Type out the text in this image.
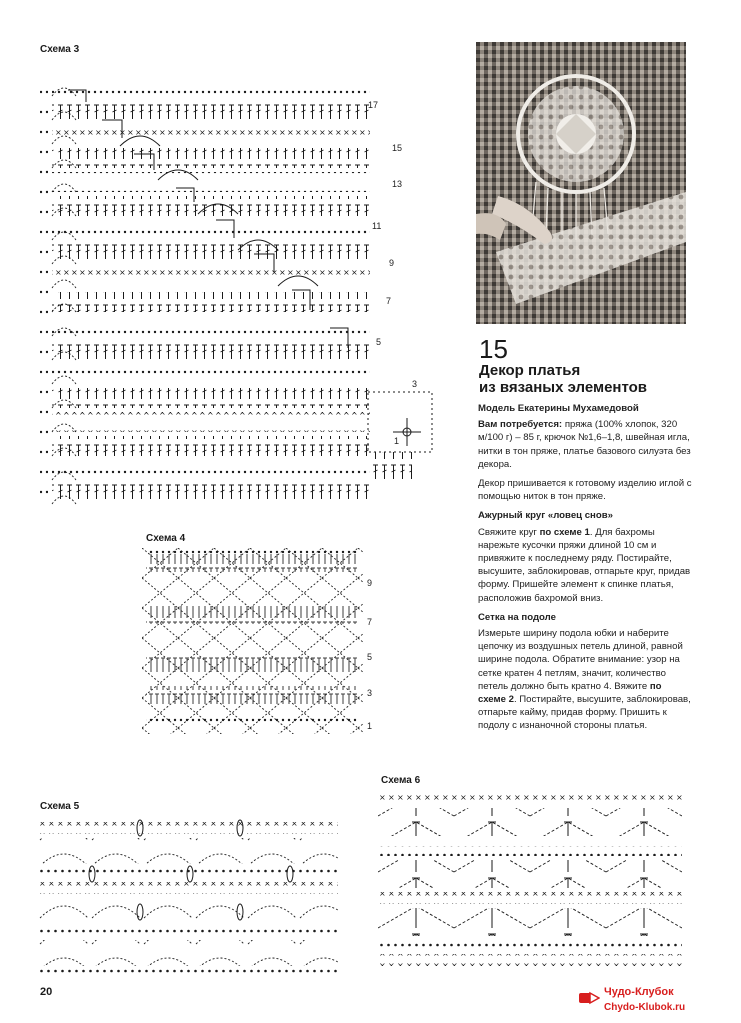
Схема 3
17
15
13
11
9
7
5
3
1
15
Декор платья
из вязаных элементов

Модель Екатерины Мухамедовой

Вам потребуется: пряжа (100% хлопок, 320 м/100 г) – 85 г, крючок №1,6–1,8, швейная игла, нитки в тон пряже, платье базового силуэта без декора.

Декор пришивается к готовому изделию иглой с помощью ниток в тон пряже.

Ажурный круг «ловец снов»

Свяжите круг по схеме 1. Для бахромы нарежьте кусочки пряжи длиной 10 см и привяжите к последнему ряду. Постирайте, высушите, заблокировав, отпарьте круг, придав форму. Пришейте элемент к спинке платья, расположив бахромой вниз.

Сетка на подоле

Измерьте ширину подола юбки и наберите цепочку из воздушных петель длиной, равной ширине подола. Обратите внимание: узор на сетке кратен 4 петлям, значит, количество петель должно быть кратно 4. Вяжите по схеме 2. Постирайте, высушите, заблокировав, отпарьте кайму, придав форму. Пришить к подолу с изнаночной стороны платья.

Схема 4
9
7
5
3
1
Схема 5
Схема 6
20	Чудо-Клубок
Chydo-Klubok.ru
